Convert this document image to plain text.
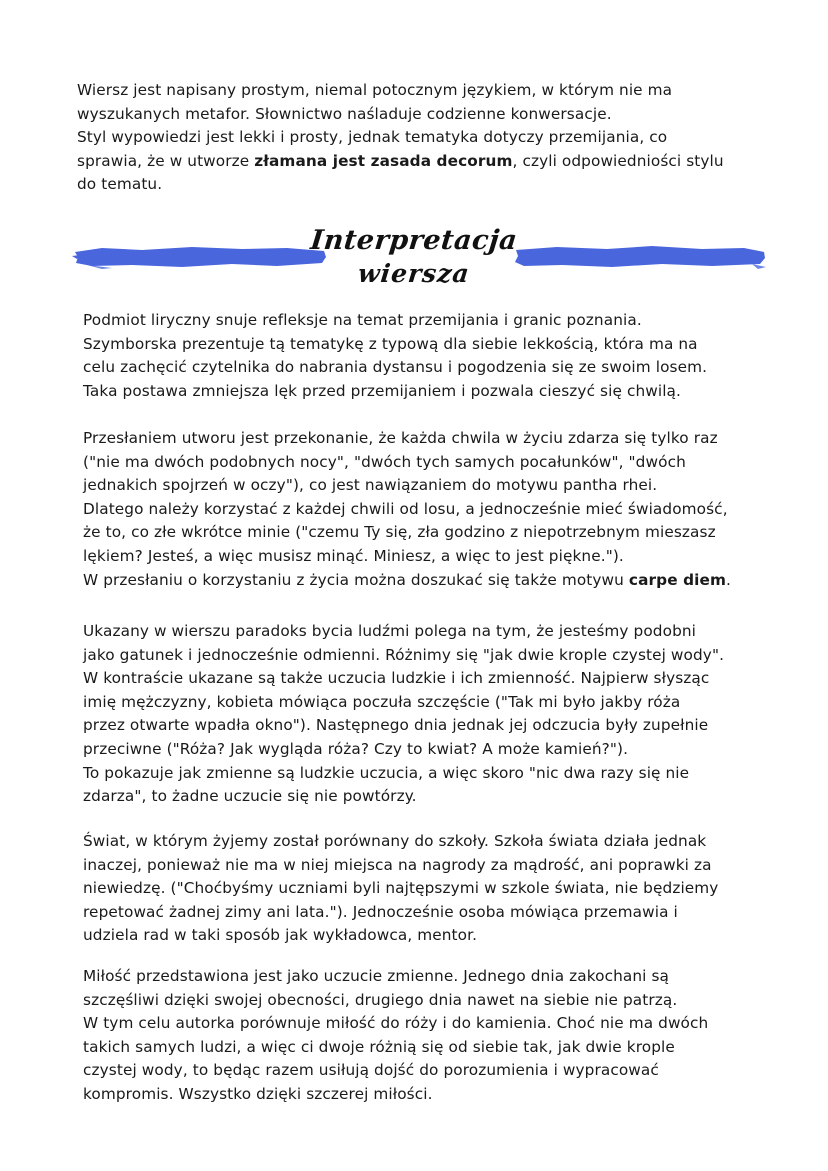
Wiersz jest napisany prostym, niemal potocznym językiem, w którym nie ma
wyszukanych metafor. Słownictwo naśladuje codzienne konwersacje.
Styl wypowiedzi jest lekki i prosty, jednak tematyka dotyczy przemijania, co
sprawia, że w utworze złamana jest zasada decorum, czyli odpowiedniości stylu
do tematu.

Interpretacja
wiersza

Podmiot liryczny snuje refleksje na temat przemijania i granic poznania.
Szymborska prezentuje tą tematykę z typową dla siebie lekkością, która ma na
celu zachęcić czytelnika do nabrania dystansu i pogodzenia się ze swoim losem.
Taka postawa zmniejsza lęk przed przemijaniem i pozwala cieszyć się chwilą.

Przesłaniem utworu jest przekonanie, że każda chwila w życiu zdarza się tylko raz
("nie ma dwóch podobnych nocy", "dwóch tych samych pocałunków", "dwóch
jednakich spojrzeń w oczy"), co jest nawiązaniem do motywu pantha rhei.
Dlatego należy korzystać z każdej chwili od losu, a jednocześnie mieć świadomość,
że to, co złe wkrótce minie ("czemu Ty się, zła godzino z niepotrzebnym mieszasz
lękiem? Jesteś, a więc musisz minąć. Miniesz, a więc to jest piękne.").
W przesłaniu o korzystaniu z życia można doszukać się także motywu carpe diem.

Ukazany w wierszu paradoks bycia ludźmi polega na tym, że jesteśmy podobni
jako gatunek i jednocześnie odmienni. Różnimy się "jak dwie krople czystej wody".
W kontraście ukazane są także uczucia ludzkie i ich zmienność. Najpierw słysząc
imię mężczyzny, kobieta mówiąca poczuła szczęście ("Tak mi było jakby róża
przez otwarte wpadła okno"). Następnego dnia jednak jej odczucia były zupełnie
przeciwne ("Róża? Jak wygląda róża? Czy to kwiat? A może kamień?").
To pokazuje jak zmienne są ludzkie uczucia, a więc skoro "nic dwa razy się nie
zdarza", to żadne uczucie się nie powtórzy.

Świat, w którym żyjemy został porównany do szkoły. Szkoła świata działa jednak
inaczej, ponieważ nie ma w niej miejsca na nagrody za mądrość, ani poprawki za
niewiedzę. ("Choćbyśmy uczniami byli najtępszymi w szkole świata, nie będziemy
repetować żadnej zimy ani lata."). Jednocześnie osoba mówiąca przemawia i
udziela rad w taki sposób jak wykładowca, mentor.

Miłość przedstawiona jest jako uczucie zmienne. Jednego dnia zakochani są
szczęśliwi dzięki swojej obecności, drugiego dnia nawet na siebie nie patrzą.
W tym celu autorka porównuje miłość do róży i do kamienia. Choć nie ma dwóch
takich samych ludzi, a więc ci dwoje różnią się od siebie tak, jak dwie krople
czystej wody, to będąc razem usiłują dojść do porozumienia i wypracować
kompromis. Wszystko dzięki szczerej miłości.
